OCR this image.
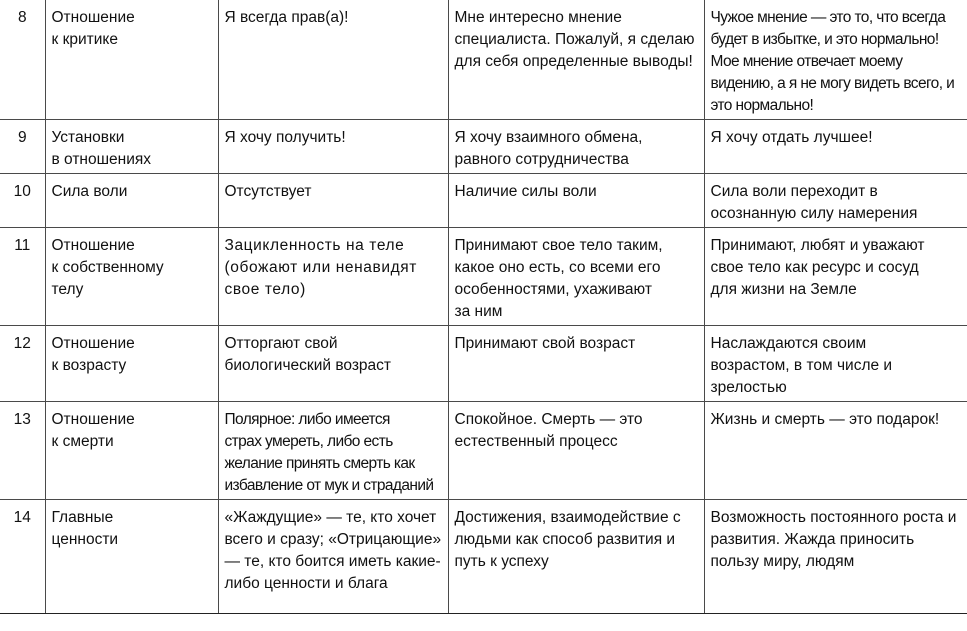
8	Отношение
к критике	Я всегда прав(а)!	Мне интересно мнение специалиста. Пожалуй, я сделаю для себя определенные выводы!	Чужое мнение — это то, что всегда будет в избытке, и это нормально! Мое мнение отвечает моему видению, а я не могу видеть всего, и это нормально!
9	Установки
в отношениях	Я хочу получить!	Я хочу взаимного обмена,
равного сотрудничества	Я хочу отдать лучшее!
10	Сила воли	Отсутствует	Наличие силы воли	Сила воли переходит в
осознанную силу намерения
11	Отношение
к собственному
телу	Зацикленность на теле
(обожают или ненавидят
свое тело)	Принимают свое тело таким,
какое оно есть, со всеми его
особенностями, ухаживают
за ним	Принимают, любят и уважают
свое тело как ресурс и сосуд
для жизни на Земле
12	Отношение
к возрасту	Отторгают свой
биологический возраст	Принимают свой возраст	Наслаждаются своим
возрастом, в том числе и
зрелостью
13	Отношение
к смерти	Полярное: либо имеется
страх умереть, либо есть желание принять смерть как избавление от мук и страданий	Спокойное. Смерть — это
естественный процесс	Жизнь и смерть — это подарок!
14	Главные
ценности	«Жаждущие» — те, кто хочет всего и сразу; «Отрицающие» — те, кто боится иметь какие-либо ценности и блага	Достижения, взаимодействие с людьми как способ развития и путь к успеху	Возможность постоянного роста и развития. Жажда приносить пользу миру, людям
